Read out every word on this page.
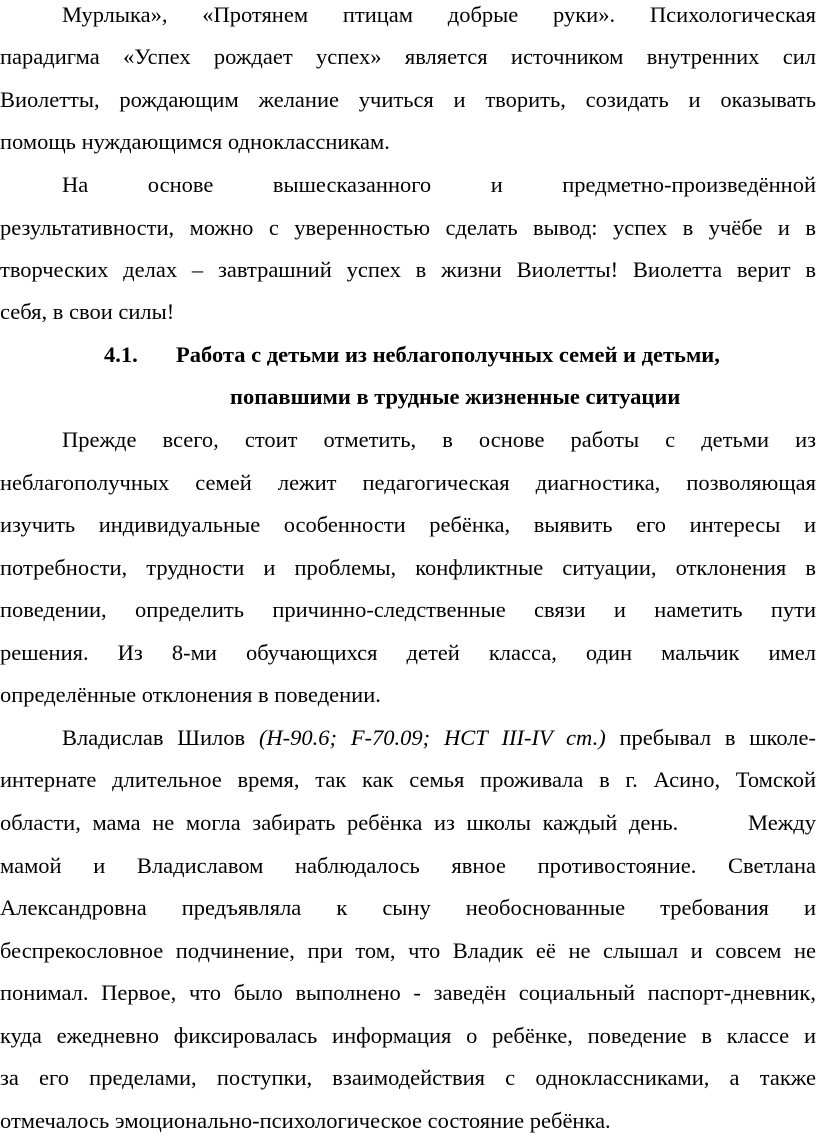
Мурлыка», «Протянем птицам добрые руки». Психологическая
парадигма «Успех рождает успех» является источником внутренних сил
Виолетты, рождающим желание учиться и творить, созидать и оказывать
помощь нуждающимся одноклассникам.
На основе вышесказанного и предметно-произведённой
результативности, можно с уверенностью сделать вывод: успех в учёбе и в
творческих делах – завтрашний успех в жизни Виолетты! Виолетта верит в
себя, в свои силы!
4.1. Работа с детьми из неблагополучных семей и детьми,
попавшими в трудные жизненные ситуации
Прежде всего, стоит отметить, в основе работы с детьми из
неблагополучных семей лежит педагогическая диагностика, позволяющая
изучить индивидуальные особенности ребёнка, выявить его интересы и
потребности, трудности и проблемы, конфликтные ситуации, отклонения в
поведении, определить причинно-следственные связи и наметить пути
решения. Из 8-ми обучающихся детей класса, один мальчик имел
определённые отклонения в поведении.
Владислав Шилов (Н-90.6; F-70.09; НСТ III-IV ст.) пребывал в школе-
интернате длительное время, так как семья проживала в г. Асино, Томской
области, мама не могла забирать ребёнка из школы каждый день.      Между
мамой и Владиславом наблюдалось явное противостояние. Светлана
Александровна предъявляла к сыну необоснованные требования и
беспрекословное подчинение, при том, что Владик её не слышал и совсем не
понимал. Первое, что было выполнено - заведён социальный паспорт-дневник,
куда ежедневно фиксировалась информация о ребёнке, поведение в классе и
за его пределами, поступки, взаимодействия с одноклассниками, а также
отмечалось эмоционально-психологическое состояние ребёнка.
